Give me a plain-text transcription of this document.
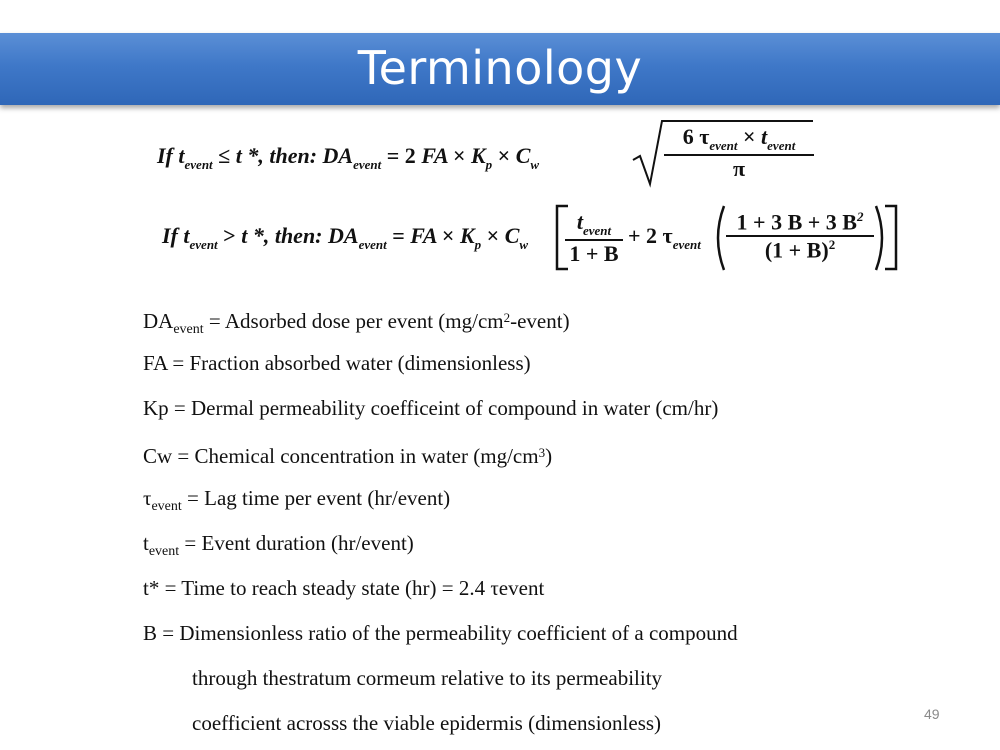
Terminology
If $t_{event} \le t$ *, then: $DA_{event} = 2$ FA × $K_p \times C_w$
6 $\tau_{event} \times t_{event}$
π
If $t_{event} > t$ *, then: $DA_{event}$ = FA × $K_p \times C_w$
$t_{event}$
1 + B
+ 2 $\tau_{event}$
1 + 3 B + 3 $B^2$
$(1 + B)^2$
$DA_{event}$ = Adsorbed dose per event $(mg/cm^2-event)$
FA = Fraction absorbed water (dimensionless)
Kp = Dermal permeability coefficeint of compound in water (cm/hr)
Cw = Chemical concentration in water $(mg/cm^3)$
$\tau_{event}$ = Lag time per event (hr/event)
$t_{event}$ = Event duration (hr/event)
t* = Time to reach steady state (hr) = 2.4 τevent
B = Dimensionless ratio of the permeability coefficient of a compound
through thestratum cormeum relative to its permeability
coefficient acrosss the viable epidermis (dimensionless)	49
